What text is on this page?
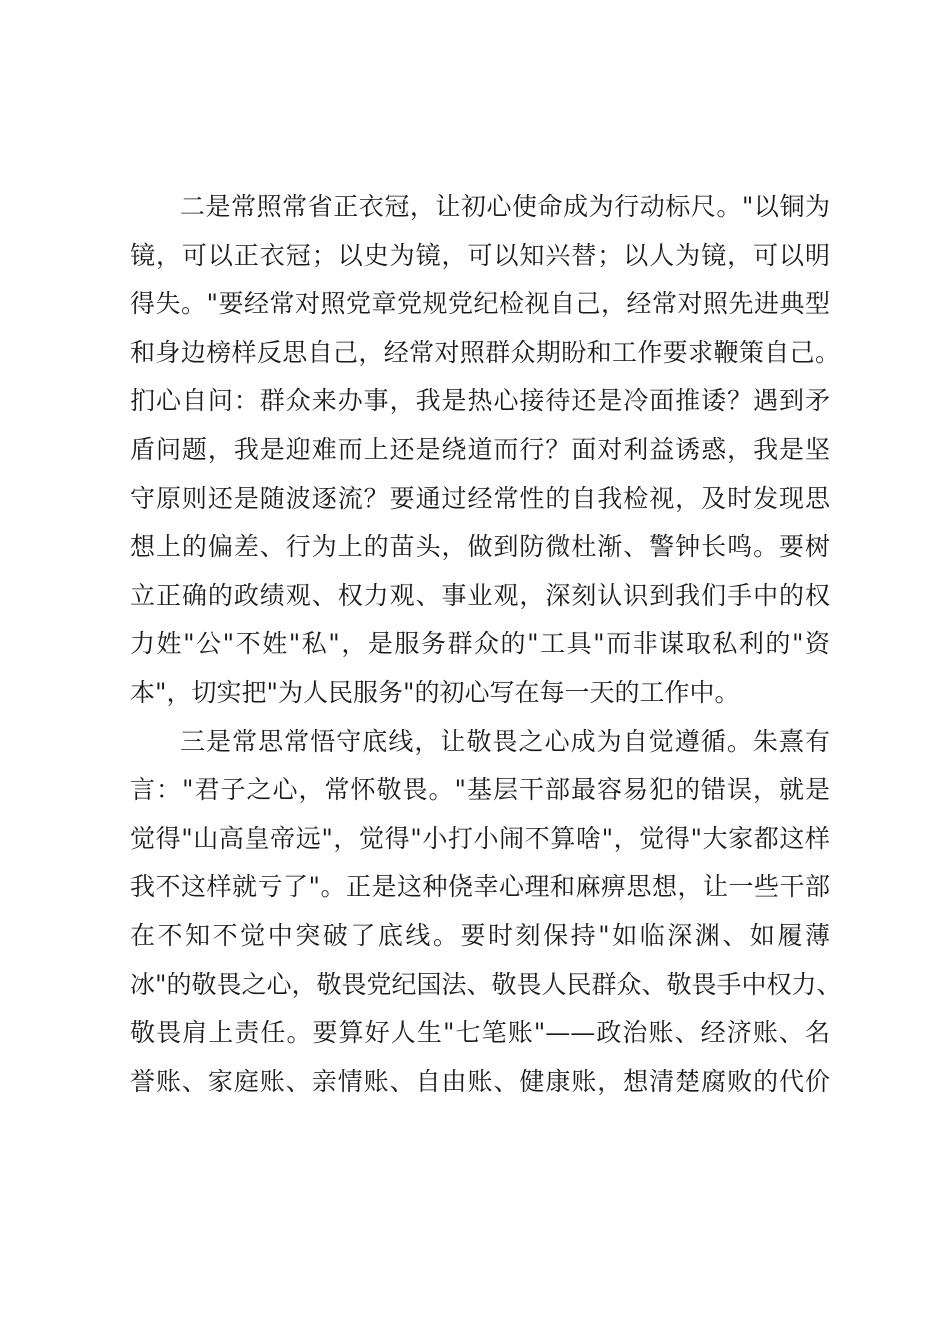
二是常照常省正衣冠，让初心使命成为行动标尺。"以铜为
镜，可以正衣冠；以史为镜，可以知兴替；以人为镜，可以明
得失。"要经常对照党章党规党纪检视自己，经常对照先进典型
和身边榜样反思自己，经常对照群众期盼和工作要求鞭策自己。
扪心自问：群众来办事，我是热心接待还是冷面推诿？遇到矛
盾问题，我是迎难而上还是绕道而行？面对利益诱惑，我是坚
守原则还是随波逐流？要通过经常性的自我检视，及时发现思
想上的偏差、行为上的苗头，做到防微杜渐、警钟长鸣。要树
立正确的政绩观、权力观、事业观，深刻认识到我们手中的权
力姓"公"不姓"私"，是服务群众的"工具"而非谋取私利的"资
本"，切实把"为人民服务"的初心写在每一天的工作中。
三是常思常悟守底线，让敬畏之心成为自觉遵循。朱熹有
言："君子之心，常怀敬畏。"基层干部最容易犯的错误，就是
觉得"山高皇帝远"，觉得"小打小闹不算啥"，觉得"大家都这样
我不这样就亏了"。正是这种侥幸心理和麻痹思想，让一些干部
在不知不觉中突破了底线。要时刻保持"如临深渊、如履薄
冰"的敬畏之心，敬畏党纪国法、敬畏人民群众、敬畏手中权力、
敬畏肩上责任。要算好人生"七笔账"——政治账、经济账、名
誉账、家庭账、亲情账、自由账、健康账，想清楚腐败的代价
